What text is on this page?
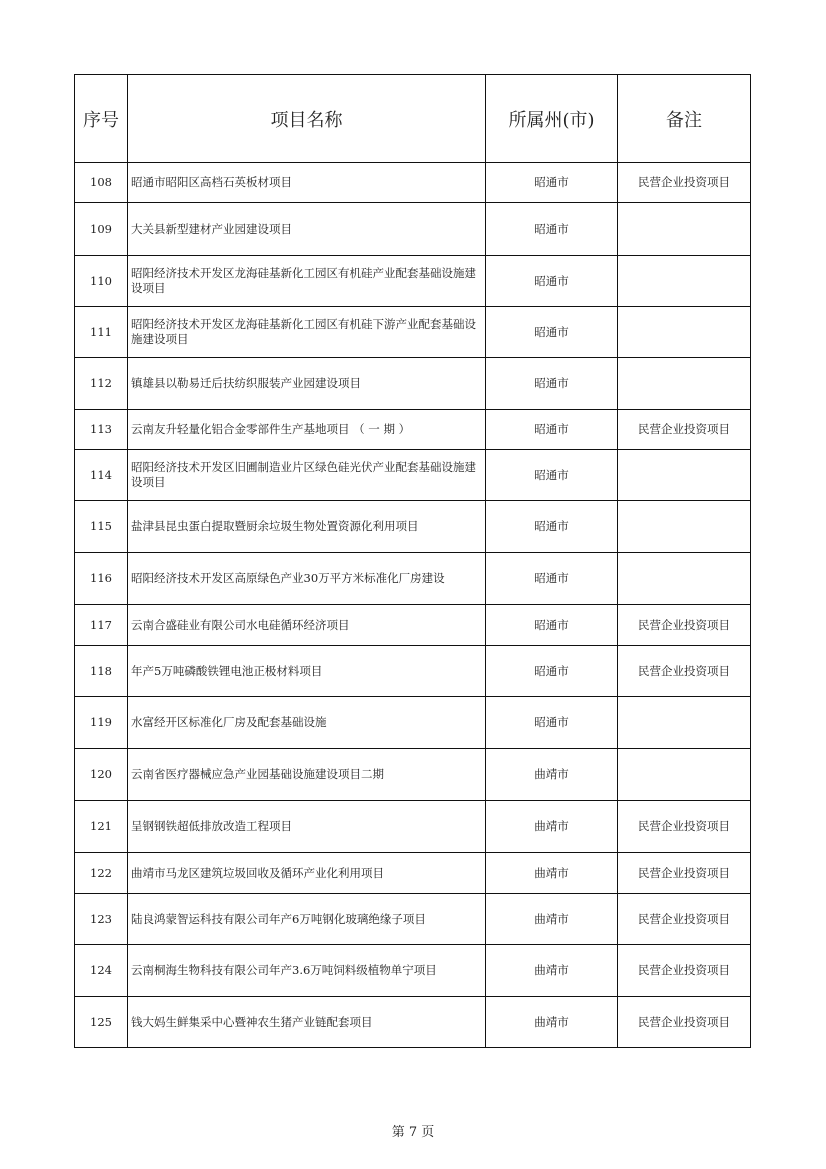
序号	项目名称	所属州(市)	备注
108	昭通市昭阳区高档石英板材项目	昭通市	民营企业投资项目
109	大关县新型建材产业园建设项目	昭通市	
110	昭阳经济技术开发区龙海硅基新化工园区有机硅产业配套基础设施建设项目	昭通市	
111	昭阳经济技术开发区龙海硅基新化工园区有机硅下游产业配套基础设施建设项目	昭通市	
112	镇雄县以勒易迁后扶纺织服装产业园建设项目	昭通市	
113	云南友升轻量化铝合金零部件生产基地项目 （ 一 期 ）	昭通市	民营企业投资项目
114	昭阳经济技术开发区旧圃制造业片区绿色硅光伏产业配套基础设施建设项目	昭通市	
115	盐津县昆虫蛋白提取暨厨余垃圾生物处置资源化利用项目	昭通市	
116	昭阳经济技术开发区高原绿色产业30万平方米标准化厂房建设	昭通市	
117	云南合盛硅业有限公司水电硅循环经济项目	昭通市	民营企业投资项目
118	年产5万吨磷酸铁锂电池正极材料项目	昭通市	民营企业投资项目
119	水富经开区标准化厂房及配套基础设施	昭通市	
120	云南省医疗器械应急产业园基础设施建设项目二期	曲靖市	
121	呈钢钢铁超低排放改造工程项目	曲靖市	民营企业投资项目
122	曲靖市马龙区建筑垃圾回收及循环产业化利用项目	曲靖市	民营企业投资项目
123	陆良鸿蒙智运科技有限公司年产6万吨钢化玻璃绝缘子项目	曲靖市	民营企业投资项目
124	云南桐海生物科技有限公司年产3.6万吨饲料级植物单宁项目	曲靖市	民营企业投资项目
125	钱大妈生鲜集采中心暨神农生猪产业链配套项目	曲靖市	民营企业投资项目
第 7 页
